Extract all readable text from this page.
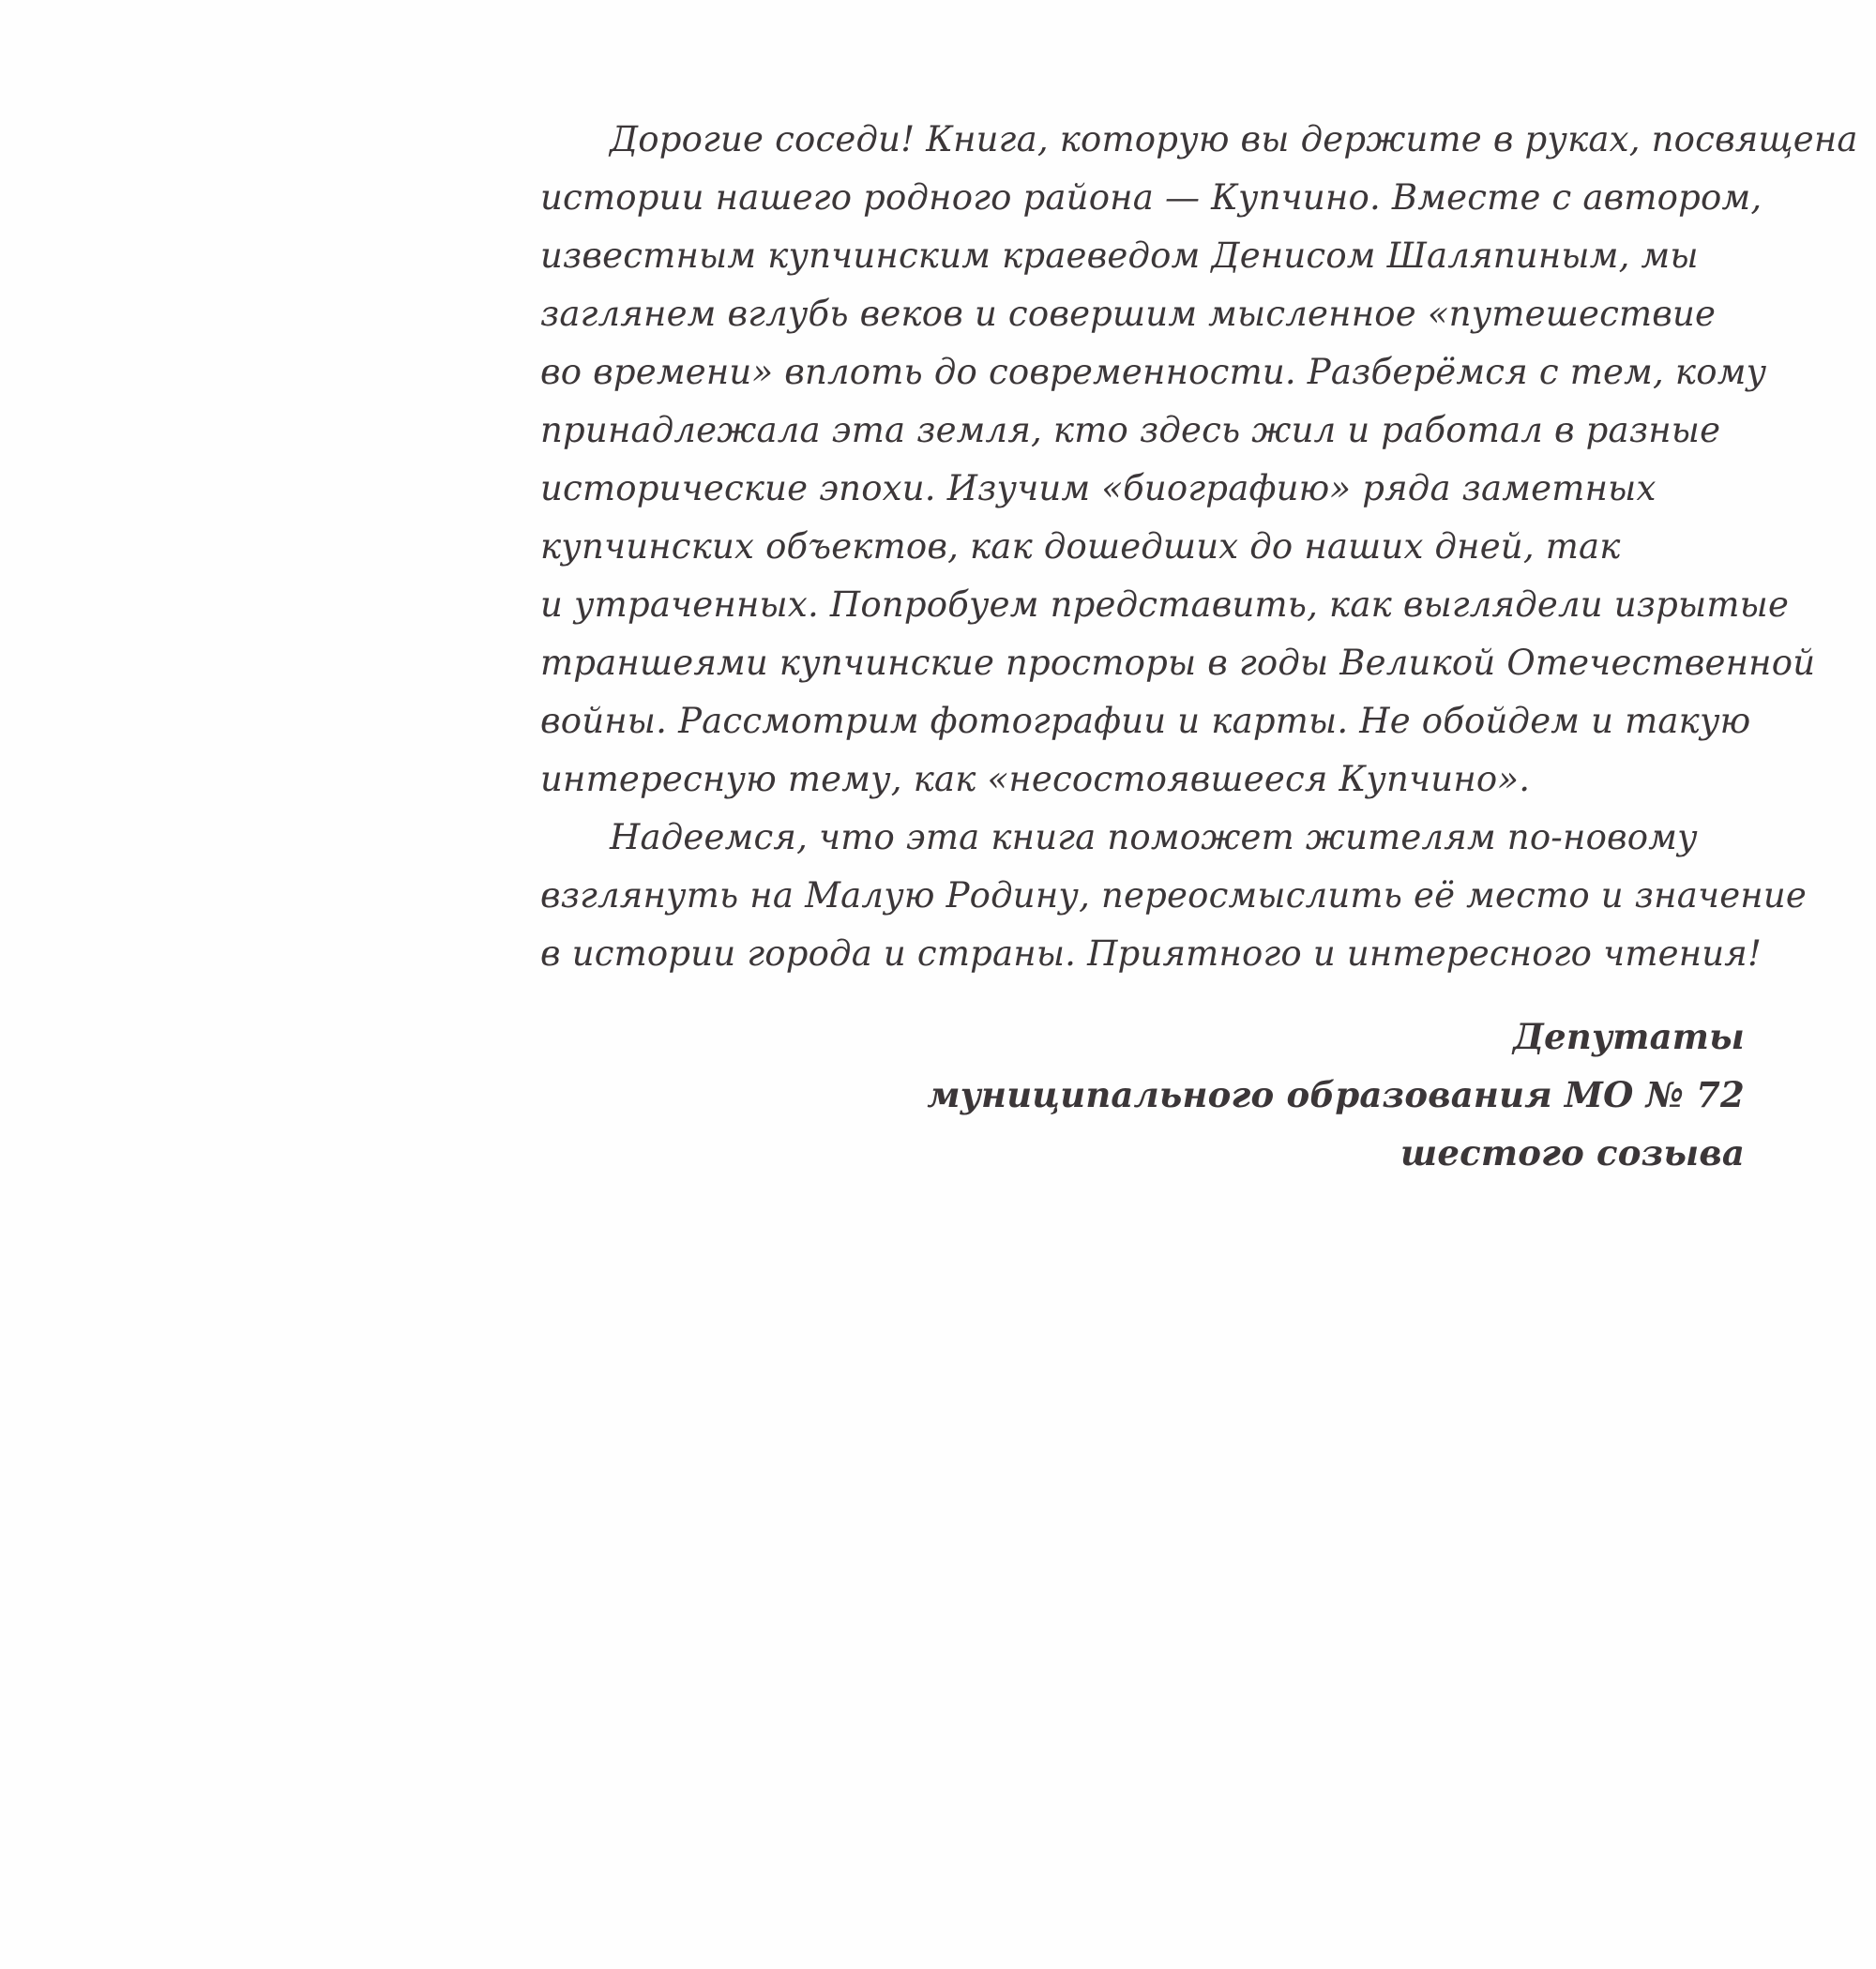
Дорогие соседи! Книга, которую вы держите в руках, посвящена
истории нашего родного района — Купчино. Вместе с автором,
известным купчинским краеведом Денисом Шаляпиным, мы
заглянем вглубь веков и совершим мысленное «путешествие
во времени» вплоть до современности. Разберёмся с тем, кому
принадлежала эта земля, кто здесь жил и работал в разные
исторические эпохи. Изучим «биографию» ряда заметных
купчинских объектов, как дошедших до наших дней, так
и утраченных. Попробуем представить, как выглядели изрытые
траншеями купчинские просторы в годы Великой Отечественной
войны. Рассмотрим фотографии и карты. Не обойдем и такую
интересную тему, как «несостоявшееся Купчино».
Надеемся, что эта книга поможет жителям по-новому
взглянуть на Малую Родину, переосмыслить её место и значение
в истории города и страны. Приятного и интересного чтения!
Депутаты
муниципального образования МО № 72
шестого созыва
